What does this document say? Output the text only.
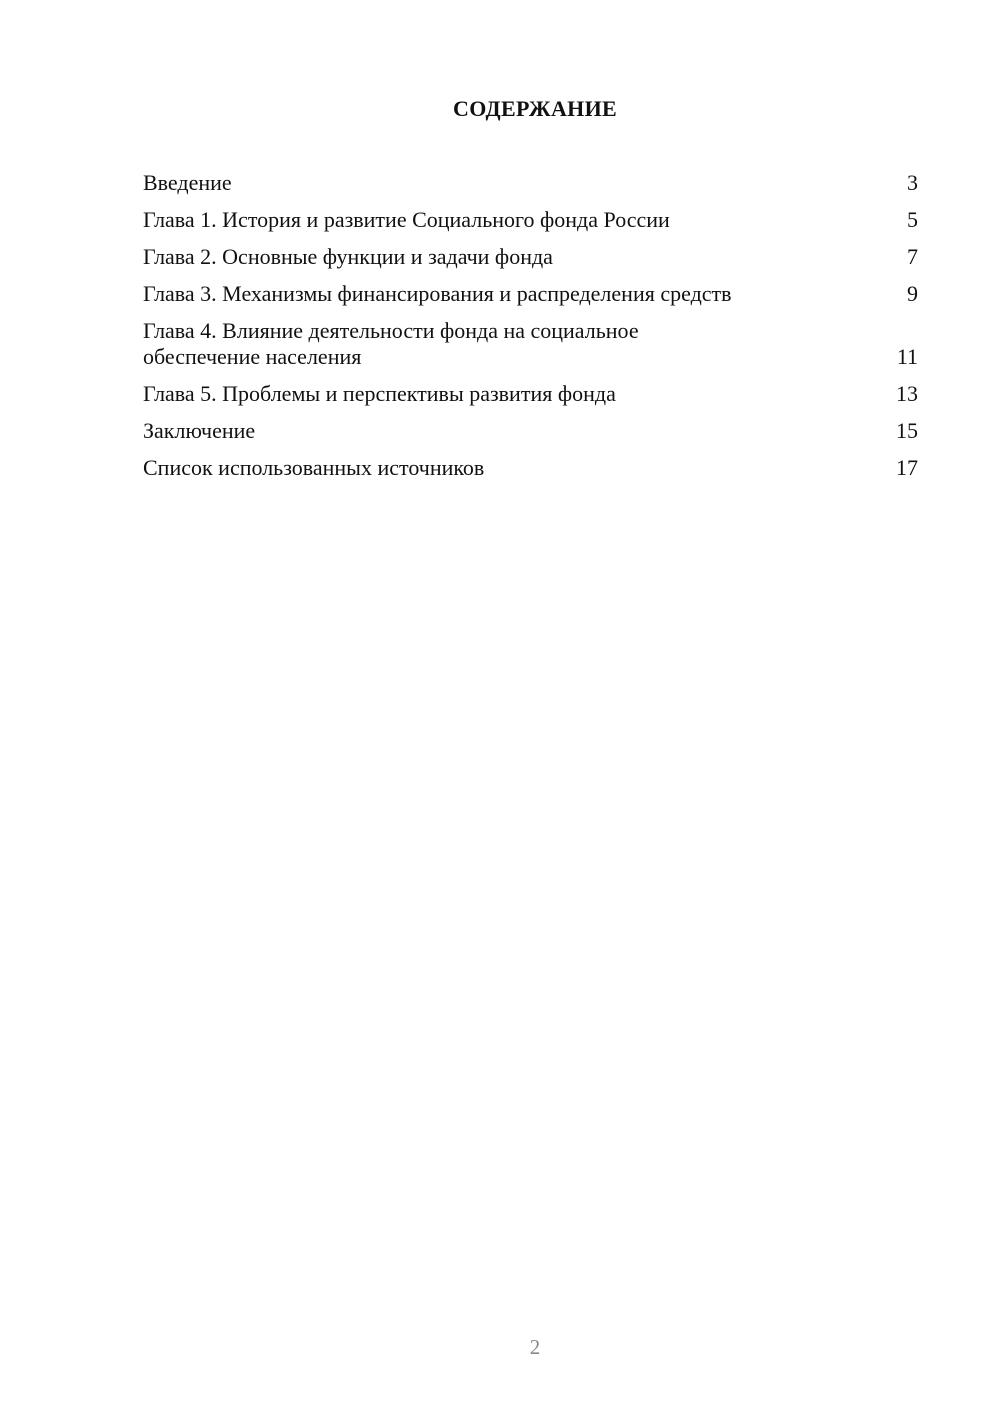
СОДЕРЖАНИЕ
Введение	3
Глава 1. История и развитие Социального фонда России	5
Глава 2. Основные функции и задачи фонда	7
Глава 3. Механизмы финансирования и распределения средств	9
Глава 4. Влияние деятельности фонда на социальное
обеспечение населения	11
Глава 5. Проблемы и перспективы развития фонда	13
Заключение	15
Список использованных источников	17
2
